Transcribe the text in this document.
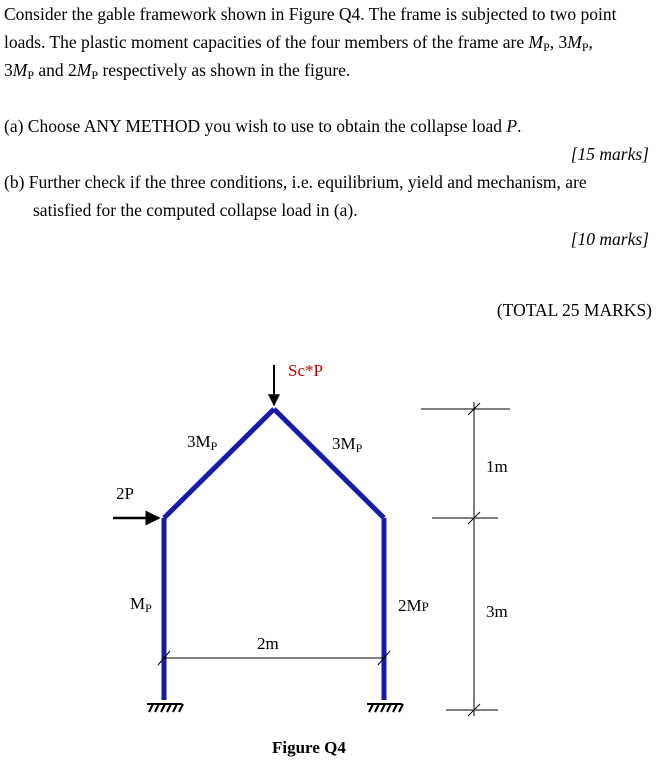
Consider the gable framework shown in Figure Q4. The frame is subjected to two point
loads. The plastic moment capacities of the four members of the frame are $M_P$, $3M_P$,
$3M_P$ and $2M_P$ respectively as shown in the figure.
(a) Choose ANY METHOD you wish to use to obtain the collapse load P.
[15 marks]
(b) Further check if the three conditions, i.e. equilibrium, yield and mechanism, are
satisfied for the computed collapse load in (a).
[10 marks]
(TOTAL 25 MARKS)
Sc*P
2P
$3M_P$	$3M_P$
$M_P$	2MP
2m
1m
3m
Figure Q4
